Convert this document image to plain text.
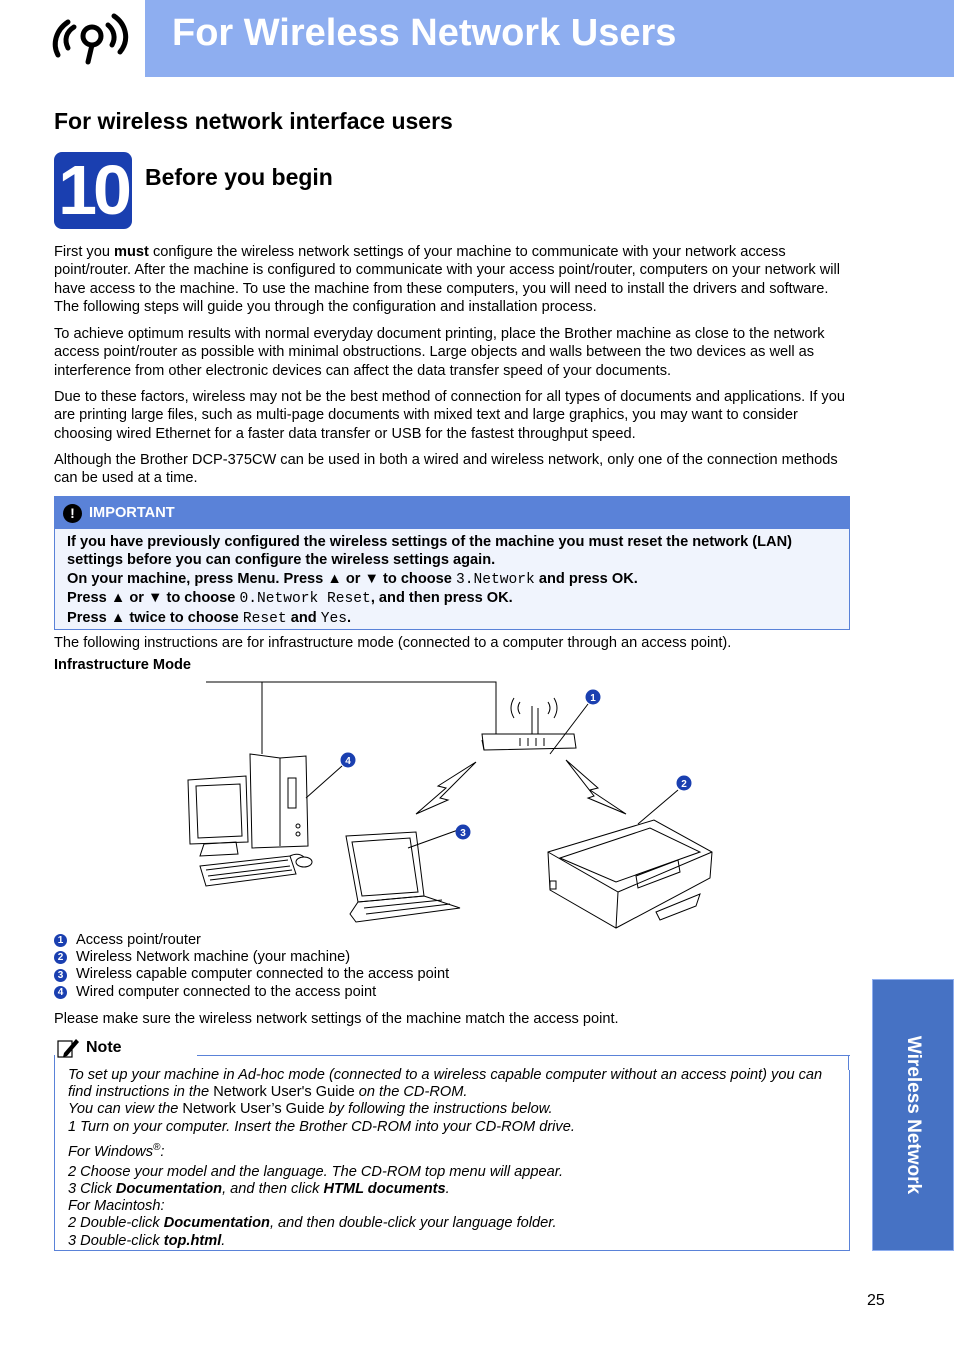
For Wireless Network Users
For wireless network interface users
10 Before you begin

First you must configure the wireless network settings of your machine to communicate with your network access point/router. After the machine is configured to communicate with your access point/router, computers on your network will have access to the machine. To use the machine from these computers, you will need to install the drivers and software. The following steps will guide you through the configuration and installation process.

To achieve optimum results with normal everyday document printing, place the Brother machine as close to the network access point/router as possible with minimal obstructions. Large objects and walls between the two devices as well as interference from other electronic devices can affect the data transfer speed of your documents.

Due to these factors, wireless may not be the best method of connection for all types of documents and applications. If you are printing large files, such as multi-page documents with mixed text and large graphics, you may want to consider choosing wired Ethernet for a faster data transfer or USB for the fastest throughput speed.

Although the Brother DCP-375CW can be used in both a wired and wireless network, only one of the connection methods can be used at a time.

! IMPORTANT
If you have previously configured the wireless settings of the machine you must reset the network (LAN) settings before you can configure the wireless settings again.
On your machine, press Menu. Press ▲ or ▼ to choose 3.Network and press OK.
Press ▲ or ▼ to choose 0.Network Reset, and then press OK.
Press ▲ twice to choose Reset and Yes.

The following instructions are for infrastructure mode (connected to a computer through an access point).

Infrastructure Mode
1
2
3
4
1 Access point/router
2 Wireless Network machine (your machine)
3 Wireless capable computer connected to the access point
4 Wired computer connected to the access point

Please make sure the wireless network settings of the machine match the access point.

Note

To set up your machine in Ad-hoc mode (connected to a wireless capable computer without an access point) you can find instructions in the Network User's Guide on the CD-ROM.

You can view the Network User’s Guide by following the instructions below.

1 Turn on your computer. Insert the Brother CD-ROM into your CD-ROM drive.

For Windows®:

2 Choose your model and the language. The CD-ROM top menu will appear.

3 Click Documentation, and then click HTML documents.

For Macintosh:

2 Double-click Documentation, and then double-click your language folder.

3 Double-click top.html.

Wireless Network
25
